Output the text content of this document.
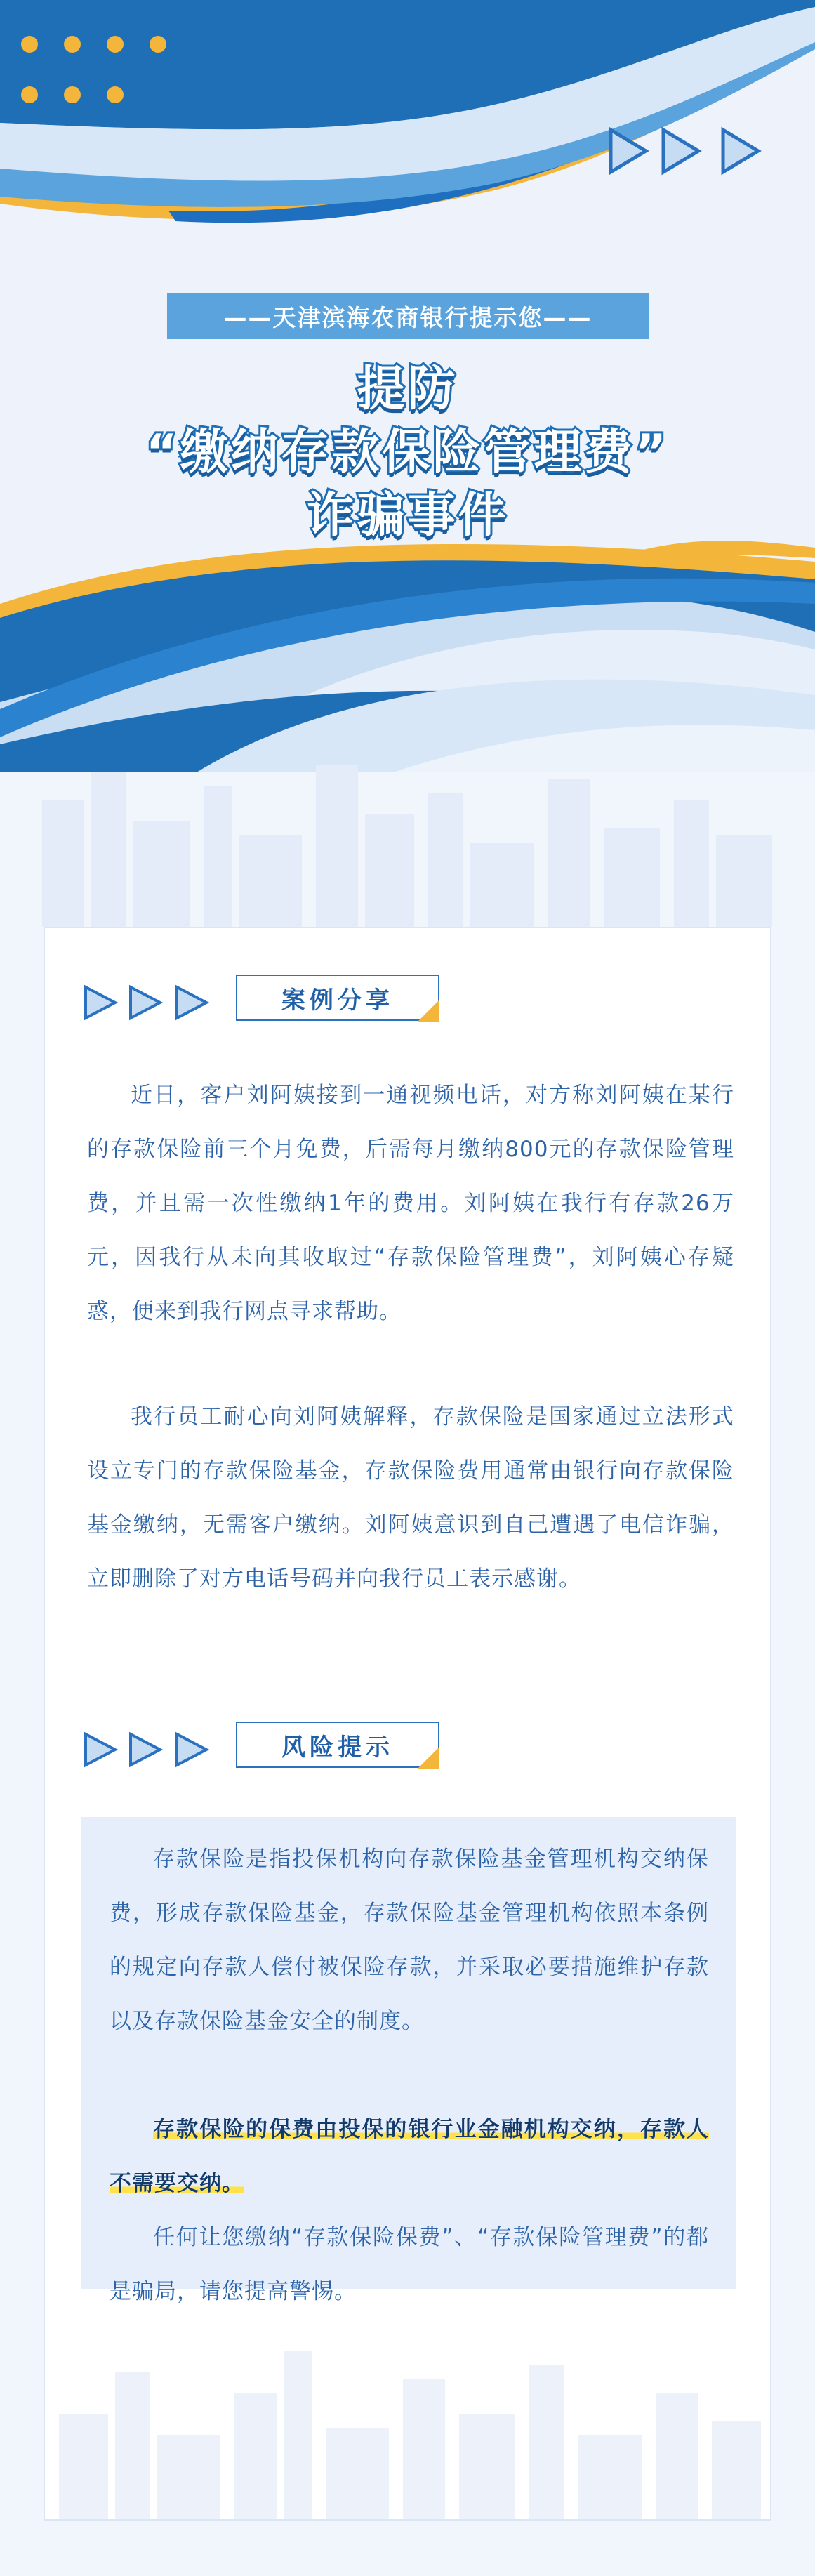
——天津滨海农商银行提示您——
提防
“缴纳存款保险管理费”
诈骗事件
案例分享

近日，客户刘阿姨接到一通视频电话，对方称刘阿姨在某行的存款保险前三个月免费，后需每月缴纳800元的存款保险管理费，并且需一次性缴纳1年的费用。刘阿姨在我行有存款26万元，因我行从未向其收取过“存款保险管理费”，刘阿姨心存疑惑，便来到我行网点寻求帮助。

我行员工耐心向刘阿姨解释，存款保险是国家通过立法形式设立专门的存款保险基金，存款保险费用通常由银行向存款保险基金缴纳，无需客户缴纳。刘阿姨意识到自己遭遇了电信诈骗，立即删除了对方电话号码并向我行员工表示感谢。

风险提示

存款保险是指投保机构向存款保险基金管理机构交纳保费，形成存款保险基金，存款保险基金管理机构依照本条例的规定向存款人偿付被保险存款，并采取必要措施维护存款以及存款保险基金安全的制度。

存款保险的保费由投保的银行业金融机构交纳，存款人不需要交纳。

任何让您缴纳“存款保险保费”、“存款保险管理费”的都是骗局，请您提高警惕。
